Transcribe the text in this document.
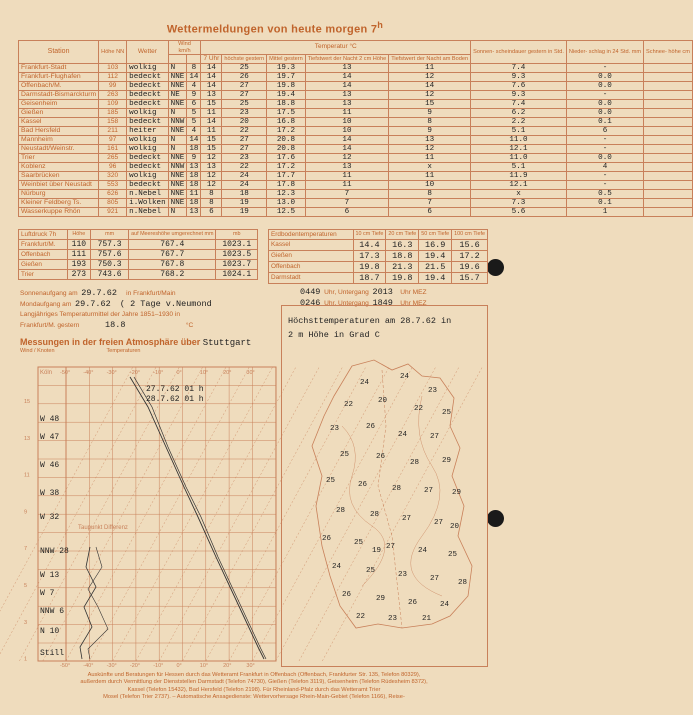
Wettermeldungen von heute morgen 7$^h$
Station	Höhe NN	Wetter	Wind
km/h		Temperatur °C					Sonnen- scheindauer gestern in Std.	Nieder- schlag in 24 Std. mm	Schnee- höhe cm
					7 Uhr	höchste gestern	Mittel gestern	Tiefstwert der Nacht 2 cm Höhe	Tiefstwert der Nacht am Boden			
Frankfurt-Stadt	103	wolkig	N	8	14	25	19.3	13	11	7.4	-	
Frankfurt-Flughafen	112	bedeckt	NNE	14	14	26	19.7	14	12	9.3	0.0	
Offenbach/M.	99	bedeckt	NNE	4	14	27	19.8	14	14	7.6	0.0	
Darmstadt-Bismarckturm	263	bedeckt	NE	9	13	27	19.4	13	12	9.3	-	
Geisenheim	109	bedeckt	NNE	6	15	25	18.8	13	15	7.4	0.0	
Gießen	185	wolkig	N	5	11	23	17.5	11	9	6.2	0.0	
Kassel	158	bedeckt	NNW	5	14	20	16.8	10	8	2.2	0.1	
Bad Hersfeld	211	heiter	NNE	4	11	22	17.2	10	9	5.1	6	
Mannheim	97	wolkig	N	14	15	27	20.8	14	13	11.0	-	
Neustadt/Weinstr.	161	wolkig	N	18	15	27	20.8	14	12	12.1	-	
Trier	265	bedeckt	NNE	9	12	23	17.6	12	11	11.0	0.0	
Koblenz	96	bedeckt	NNW	13	13	22	17.2	13	x	5.1	4	
Saarbrücken	320	wolkig	NNE	18	12	24	17.7	11	11	11.9	-	
Weinbiet über Neustadt	553	bedeckt	NNE	18	12	24	17.8	11	10	12.1	-	
Nürburg	626	n.Nebel	NNE	11	8	18	12.3	7	8	x	0.5	
Kleiner Feldberg Ts.	805	i.Wolken	NNE	18	8	19	13.0	7	7	7.3	0.1	
Wasserkuppe Rhön	921	n.Nebel	N	13	6	19	12.5	6	6	5.6	1	
Luftdruck 7h	Höhe	mm	auf Meereshöhe umgerechnet mm	mb
Frankfurt/M.	110	757.3	767.4	1023.1
Offenbach	111	757.6	767.7	1023.5
Gießen	193	750.3	767.8	1023.7
Trier	273	743.6	768.2	1024.1
Erdbodentemperaturen	10 cm Tiefe	20 cm Tiefe	50 cm Tiefe	100 cm Tiefe
Kassel	14.4	16.3	16.9	15.6
Gießen	17.3	18.8	19.4	17.2
Offenbach	19.8	21.3	21.5	19.6
Darmstadt	18.7	19.8	19.4	15.7
Sonnenaufgang am 29.7.62 in Frankfurt/Main	0449 Uhr, Untergang 2013 Uhr MEZ
Mondaufgang am 29.7.62 ( 2 Tage v.Neumond	0246 Uhr, Untergang 1849 Uhr MEZ
Langjähriges Temperaturmittel der Jahre 1851–1930 in
Frankfurt/M. gestern	18.8	°C
Messungen in der freien Atmosphäre über Stuttgart
Wind / Knoten	Temperaturen
15
13
11
9
7
5
3
1
-50°
-50°
-40°
-40°
-30°
-30°
-20°
-20°
-10°
-10°
0°
0°
10°
10°
20°
20°
30°
30°
Köln
W 48
W 47
W 46
W 38
W 32
NNW 28
W 13
W 7
NNW 6
N 10
Still
27.7.62 01 h
28.7.62 01 h
Taupunkt Differenz
Höchsttemperaturen am 28.7.62 in
2 m Höhe in Grad C
24
24
23
22	20
22	25
23	26
24	27
25	26
28	29
25	26	28	27	29
28	28	27	27
26	25	27	24	25
24	25	23	27	28
26	29	26	24
22	23	21
19
20
Auskünfte und Beratungen für Hessen durch das Wetteramt Frankfurt in Offenbach (Offenbach, Frankfurter Str. 135, Telefon 80329),
außerdem durch Vermittlung der Dienststellen Darmstadt (Telefon 74730), Gießen (Telefon 3119), Geisenheim (Telefon Rüdesheim 8372),
Kassel (Telefon 15432), Bad Hersfeld (Telefon 2198). Für Rheinland-Pfalz durch das Wetteramt Trier
Mosel (Telefon Trier 2737). – Automatische Ansagedienste: Wettervorhersage Rhein-Main-Gebiet (Telefon 1166), Reise-
